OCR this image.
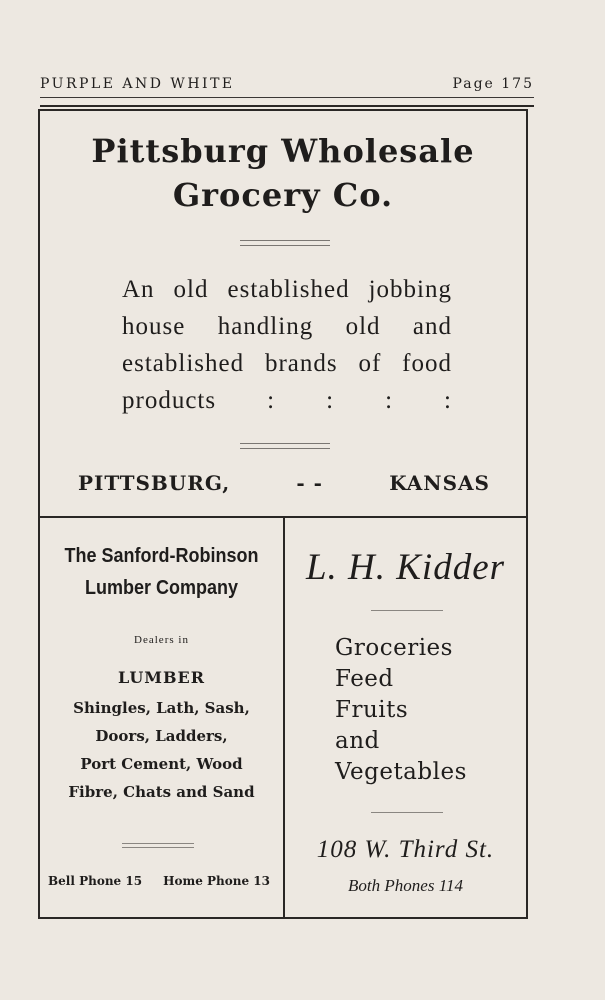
PURPLE AND WHITE	Page 175
Pittsburg Wholesale
Grocery Co.
An old established jobbing
house handling old and
established brands of food
products : : : :
PITTSBURG,	- -	KANSAS
The Sanford-Robinson
Lumber Company
Dealers in
LUMBER
Shingles, Lath, Sash,
Doors, Ladders,
Port Cement, Wood
Fibre, Chats and Sand
Bell Phone 15 Home Phone 13
L. H. Kidder
Groceries
Feed
Fruits
and
Vegetables
108 W. Third St.
Both Phones 114
